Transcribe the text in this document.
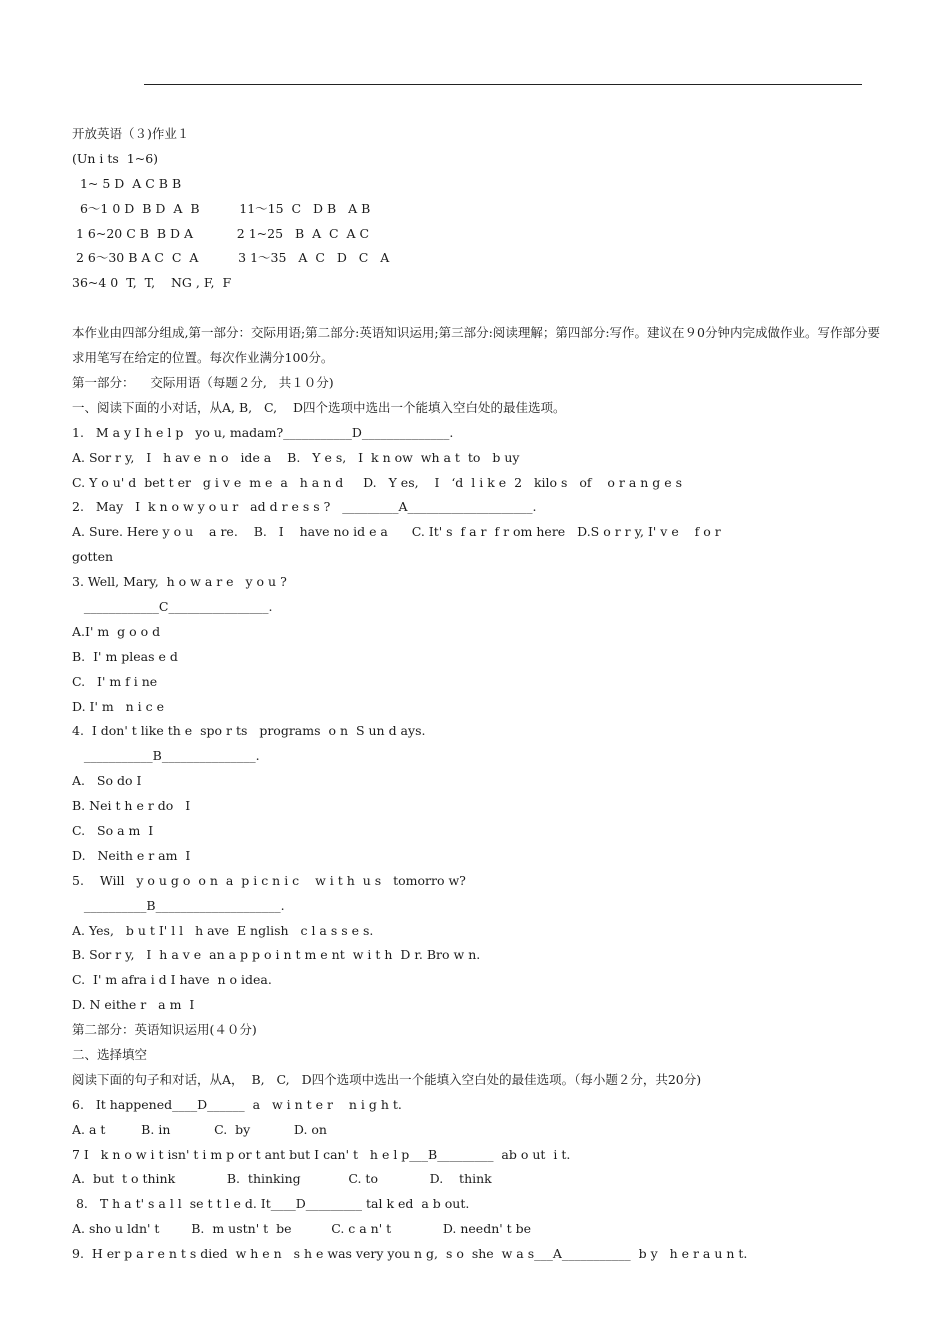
开放英语（３)作业１
(Un i ts  1~6)
1~ 5 D  A C B B
6～1 0 D  B D  A  B          11～15  C   D B   A B
1 6~20 C B  B D A           2 1~25   B  A  C  A C
2 6～30 B A C  C  A          3 1～35   A  C   D   C   A
36~4 0  T,  T,    NG , F,  F
本作业由四部分组成,第一部分：交际用语;第二部分:英语知识运用;第三部分:阅读理解；第四部分:写作。建议在９0分钟内完成做作业。写作部分要求用笔写在给定的位置。每次作业满分100分。
第一部分：    交际用语（每题２分,   共１０分)
一、阅读下面的小对话，从A, B,   C,    D四个选项中选出一个能填入空白处的最佳选项。
1.   M a y I h e l p   yo u, madam?___________D______________.
A. Sor r y,   I   h av e  n o   ide a    B.   Y e s,   I  k n ow  wh a t  to   b uy
C. Y o u' d  bet t er   g i v e  m e  a   h a n d     D.   Y es,    I   ‘d  l i k e  2   kilo s   of    o r a n g e s
2.   May   I  k n o w y o u r   ad d r e s s ?   _________A____________________.
A. Sure. Here y o u    a re.    B.   I    have no id e a      C. It' s  f a r  f r om here   D.S o r r y, I' v e    f o r
gotten
3. Well, Mary,  h o w a r e   y o u ?
____________C________________.
A.I' m  g o o d
B.  I' m pleas e d
C.   I' m f i ne
D. I' m   n i c e
4.  I don' t like th e  spo r ts   programs  o n  S un d ays.
___________B_______________.
A.   So do I
B. Nei t h e r do   I
C.   So a m  I
D.   Neith e r am  I
5.    Will   y o u g o  o n  a  p i c n i c    w i t h  u s   tomorro w?
__________B____________________.
A. Yes,   b u t I' l l   h ave  E nglish   c l a s s e s.
B. Sor r y,   I  h a v e  an a p p o i n t m e nt  w i t h  D r. Bro w n.
C.  I' m afra i d I have  n o idea.
D. N eithe r   a m  I
第二部分：英语知识运用(４０分)
二、选择填空
阅读下面的句子和对话，从A，  B,   C,   D四个选项中选出一个能填入空白处的最佳选项。（每小题２分，共20分)
6.   It happened____D______  a   w i n t e r    n i g h t.
A. a t         B. in           C.  by           D. on
7 I   k n o w i t isn' t i m p or t ant but I can' t   h e l p___B_________  ab o ut  i t.
A.  but  t o think             B.  thinking            C. to             D.    think
8.   T h a t' s a l l  se t t l e d. It____D_________ tal k ed  a b out.
A. sho u ldn' t        B.  m ustn' t  be          C. c a n' t             D. needn' t be
9.  H er p a r e n t s died  w h e n   s h e was very you n g,  s o  she  w a s___A___________  b y   h e r a u n t.
